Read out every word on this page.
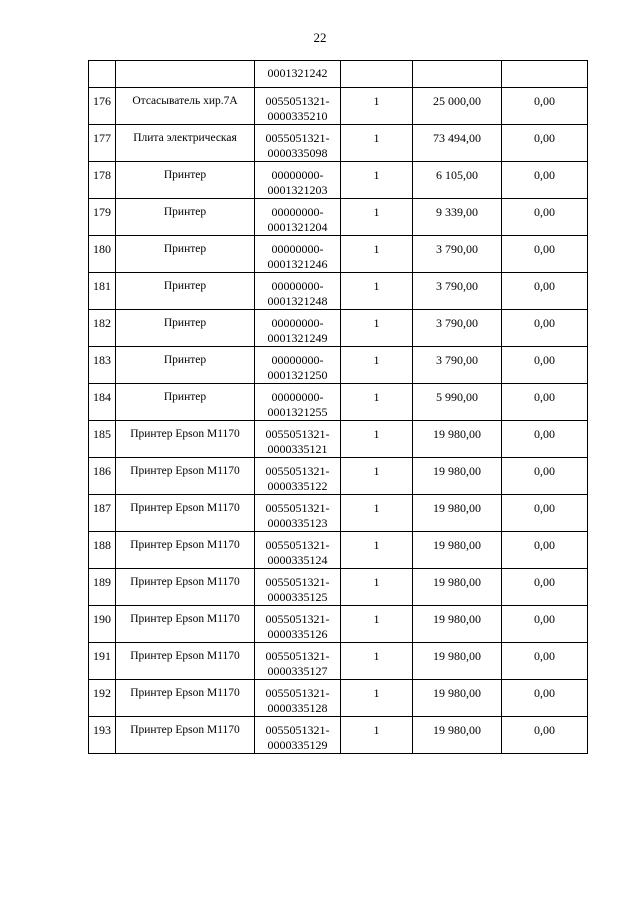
22
		0001321242			
176	Отсасыватель хир.7А	0055051321-
0000335210	1	25 000,00	0,00
177	Плита электрическая	0055051321-
0000335098	1	73 494,00	0,00
178	Принтер	00000000-
0001321203	1	6 105,00	0,00
179	Принтер	00000000-
0001321204	1	9 339,00	0,00
180	Принтер	00000000-
0001321246	1	3 790,00	0,00
181	Принтер	00000000-
0001321248	1	3 790,00	0,00
182	Принтер	00000000-
0001321249	1	3 790,00	0,00
183	Принтер	00000000-
0001321250	1	3 790,00	0,00
184	Принтер	00000000-
0001321255	1	5 990,00	0,00
185	Принтер Epson M1170	0055051321-
0000335121	1	19 980,00	0,00
186	Принтер Epson M1170	0055051321-
0000335122	1	19 980,00	0,00
187	Принтер Epson M1170	0055051321-
0000335123	1	19 980,00	0,00
188	Принтер Epson M1170	0055051321-
0000335124	1	19 980,00	0,00
189	Принтер Epson M1170	0055051321-
0000335125	1	19 980,00	0,00
190	Принтер Epson M1170	0055051321-
0000335126	1	19 980,00	0,00
191	Принтер Epson M1170	0055051321-
0000335127	1	19 980,00	0,00
192	Принтер Epson M1170	0055051321-
0000335128	1	19 980,00	0,00
193	Принтер Epson M1170	0055051321-
0000335129	1	19 980,00	0,00
